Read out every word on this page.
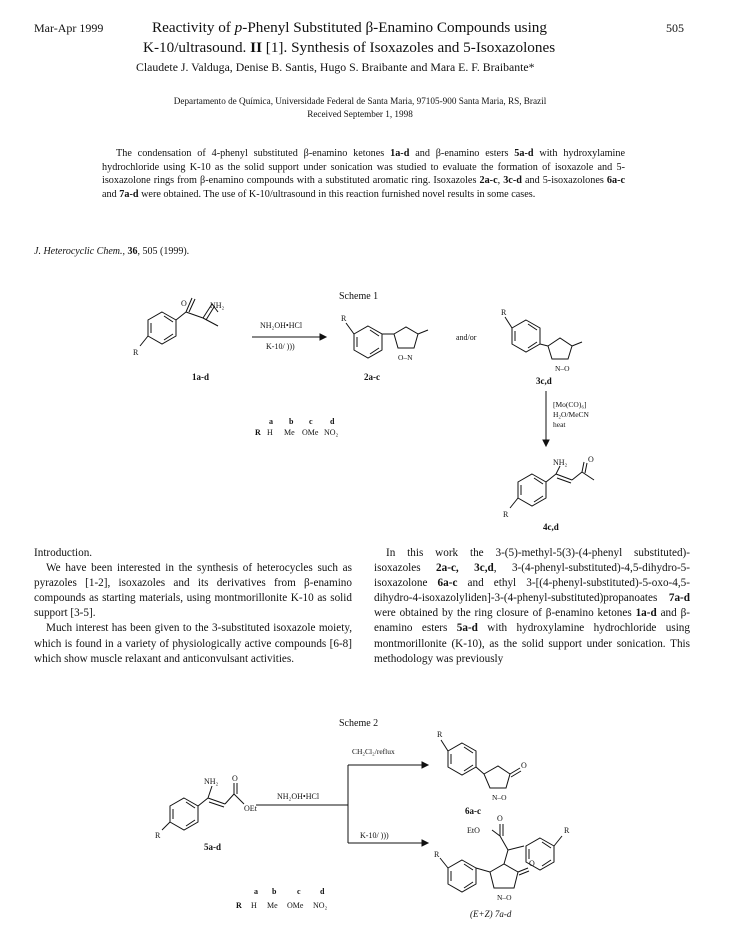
Mar-Apr 1999	505
Reactivity of p-Phenyl Substituted β-Enamino Compounds using
K-10/ultrasound. II [1]. Synthesis of Isoxazoles and 5-Isoxazolones
Claudete J. Valduga, Denise B. Santis, Hugo S. Braibante and Mara E. F. Braibante*
Departamento de Química, Universidade Federal de Santa Maria, 97105-900 Santa Maria, RS, Brazil
Received September 1, 1998
The condensation of 4-phenyl substituted β-enamino ketones 1a-d and β-enamino esters 5a-d with hydroxylamine hydrochloride using K-10 as the solid support under sonication was studied to evaluate the formation of isoxazole and 5-isoxazolone rings from β-enamino compounds with a substituted aromatic ring. Isoxazoles 2a-c, 3c-d and 5-isoxazolones 6a-c and 7a-d were obtained. The use of K-10/ultrasound in this reaction furnished novel results in some cases.
J. Heterocyclic Chem., 36, 505 (1999).
Scheme 1
NH₂
O
R
1a-d
NH₂OH•HCl
K-10/ )))
R
O–N
2a-c
and/or
R
N–O
3c,d
[Mo(CO)₆]
H₂O/MeCN
heat
NH₂	O
R
4c,d
a b c d
R H Me OMe NO₂

Introduction.

We have been interested in the synthesis of heterocycles such as pyrazoles [1-2], isoxazoles and its derivatives from β-enamino compounds as starting materials, using montmorillonite K-10 as solid support [3-5].

Much interest has been given to the 3-substituted isoxazole moiety, which is found in a variety of physiologically active compounds [6-8] which show muscle relaxant and anticonvulsant activities.

In this work the 3-(5)-methyl-5(3)-(4-phenyl substituted)-isoxazoles 2a-c, 3c,d, 3-(4-phenyl-substituted)-4,5-dihydro-5-isoxazolone 6a-c and ethyl 3-[(4-phenyl-substituted)-5-oxo-4,5-dihydro-4-isoxazolyliden]-3-(4-phenyl-substituted)propanoates 7a-d were obtained by the ring closure of β-enamino ketones 1a-d and β-enamino esters 5a-d with hydroxylamine hydrochloride using montmorillonite (K-10), as the solid support under sonication. This methodology was previously

Scheme 2
NH₂ O
OEt
R
5a-d
NH₂OH•HCl
CH₂Cl₂/reflux
K-10/ )))
R
O
N–O
6a-c
EtO
O
R
R
O
N–O
(E+Z) 7a-d
a b	c d
R H Me OMe NO₂
